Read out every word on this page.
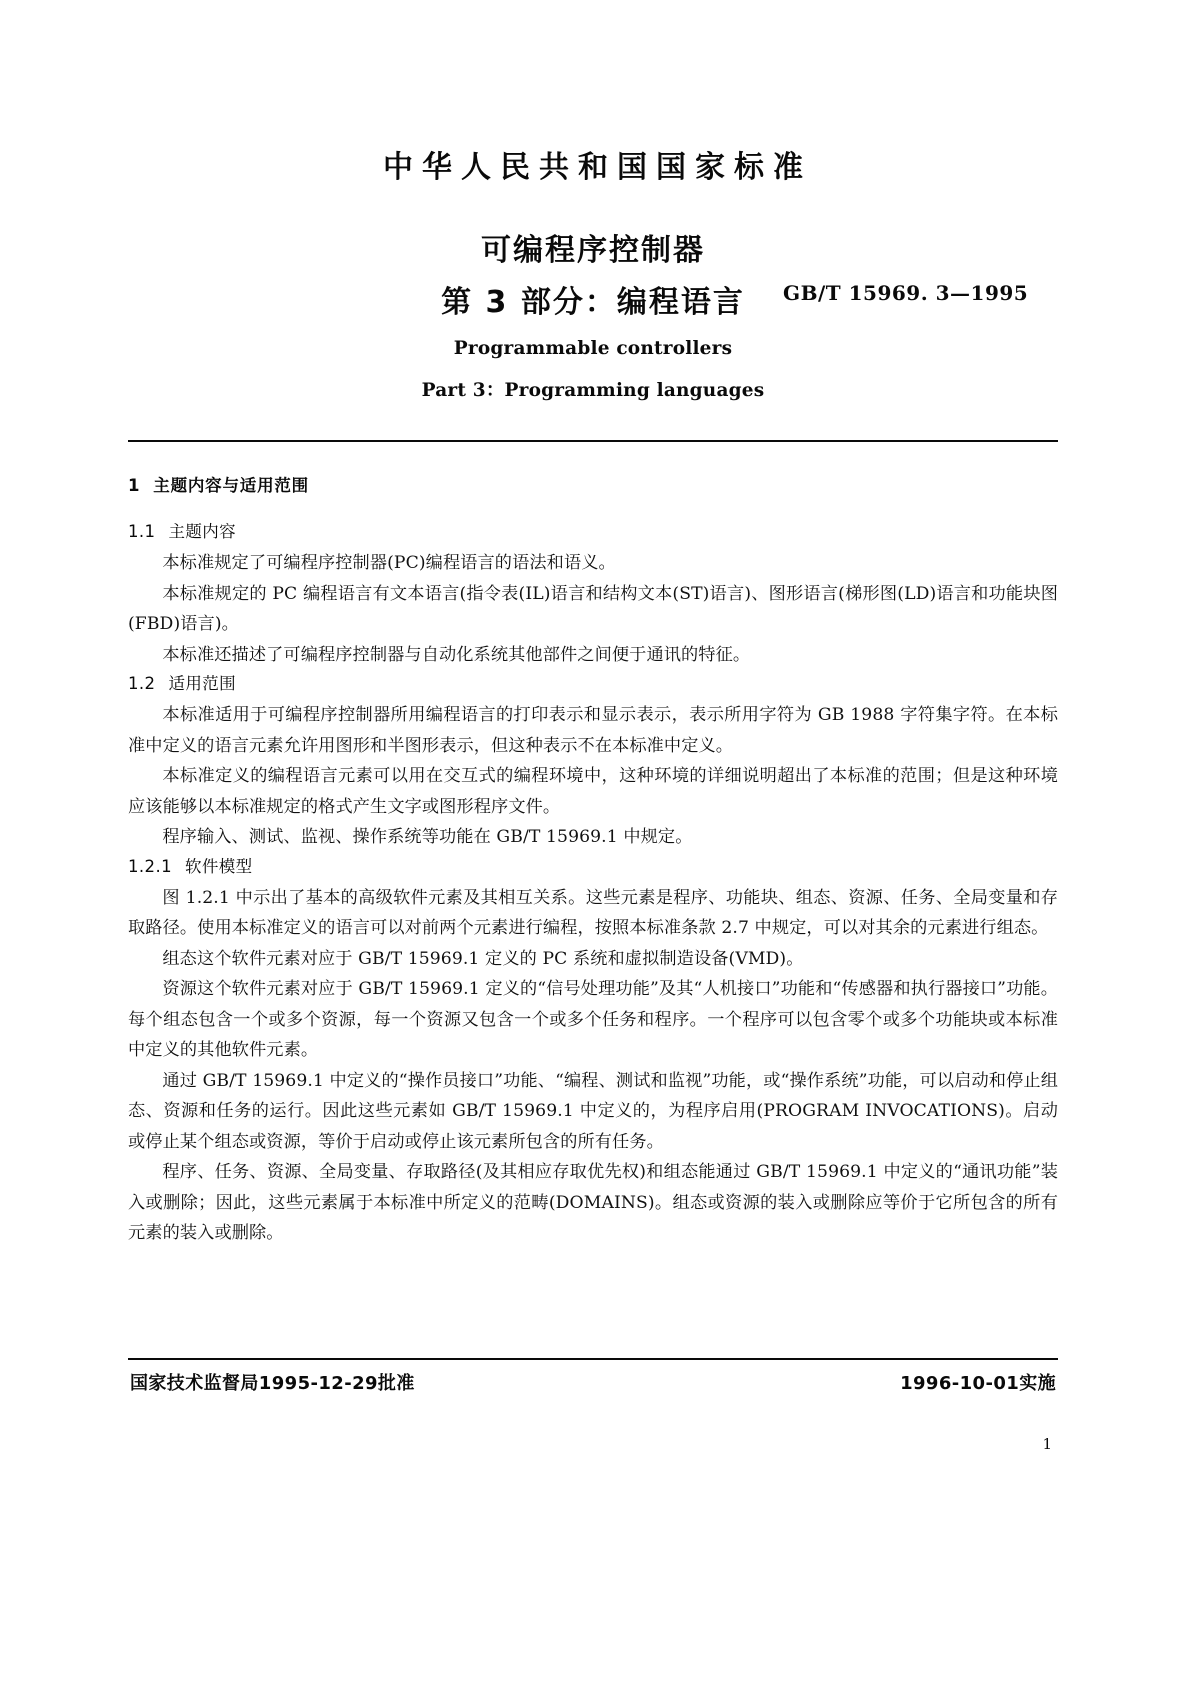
中华人民共和国国家标准
可编程序控制器
第 3 部分：编程语言	GB/T 15969. 3—1995
Programmable controllers
Part 3：Programming languages
1 主题内容与适用范围
1.1 主题内容

本标准规定了可编程序控制器(PC)编程语言的语法和语义。

本标准规定的 PC 编程语言有文本语言(指令表(IL)语言和结构文本(ST)语言)、图形语言(梯形图(LD)语言和功能块图(FBD)语言)。

本标准还描述了可编程序控制器与自动化系统其他部件之间便于通讯的特征。

1.2 适用范围

本标准适用于可编程序控制器所用编程语言的打印表示和显示表示，表示所用字符为 GB 1988 字符集字符。在本标准中定义的语言元素允许用图形和半图形表示，但这种表示不在本标准中定义。

本标准定义的编程语言元素可以用在交互式的编程环境中，这种环境的详细说明超出了本标准的范围；但是这种环境应该能够以本标准规定的格式产生文字或图形程序文件。

程序输入、测试、监视、操作系统等功能在 GB/T 15969.1 中规定。

1.2.1 软件模型

图 1.2.1 中示出了基本的高级软件元素及其相互关系。这些元素是程序、功能块、组态、资源、任务、全局变量和存取路径。使用本标准定义的语言可以对前两个元素进行编程，按照本标准条款 2.7 中规定，可以对其余的元素进行组态。

组态这个软件元素对应于 GB/T 15969.1 定义的 PC 系统和虚拟制造设备(VMD)。

资源这个软件元素对应于 GB/T 15969.1 定义的“信号处理功能”及其“人机接口”功能和“传感器和执行器接口”功能。每个组态包含一个或多个资源，每一个资源又包含一个或多个任务和程序。一个程序可以包含零个或多个功能块或本标准中定义的其他软件元素。

通过 GB/T 15969.1 中定义的“操作员接口”功能、“编程、测试和监视”功能，或“操作系统”功能，可以启动和停止组态、资源和任务的运行。因此这些元素如 GB/T 15969.1 中定义的，为程序启用(PROGRAM INVOCATIONS)。启动或停止某个组态或资源，等价于启动或停止该元素所包含的所有任务。

程序、任务、资源、全局变量、存取路径(及其相应存取优先权)和组态能通过 GB/T 15969.1 中定义的“通讯功能”装入或删除；因此，这些元素属于本标准中所定义的范畴(DOMAINS)。组态或资源的装入或删除应等价于它所包含的所有元素的装入或删除。

国家技术监督局1995-12-29批准	1996-10-01实施
1
